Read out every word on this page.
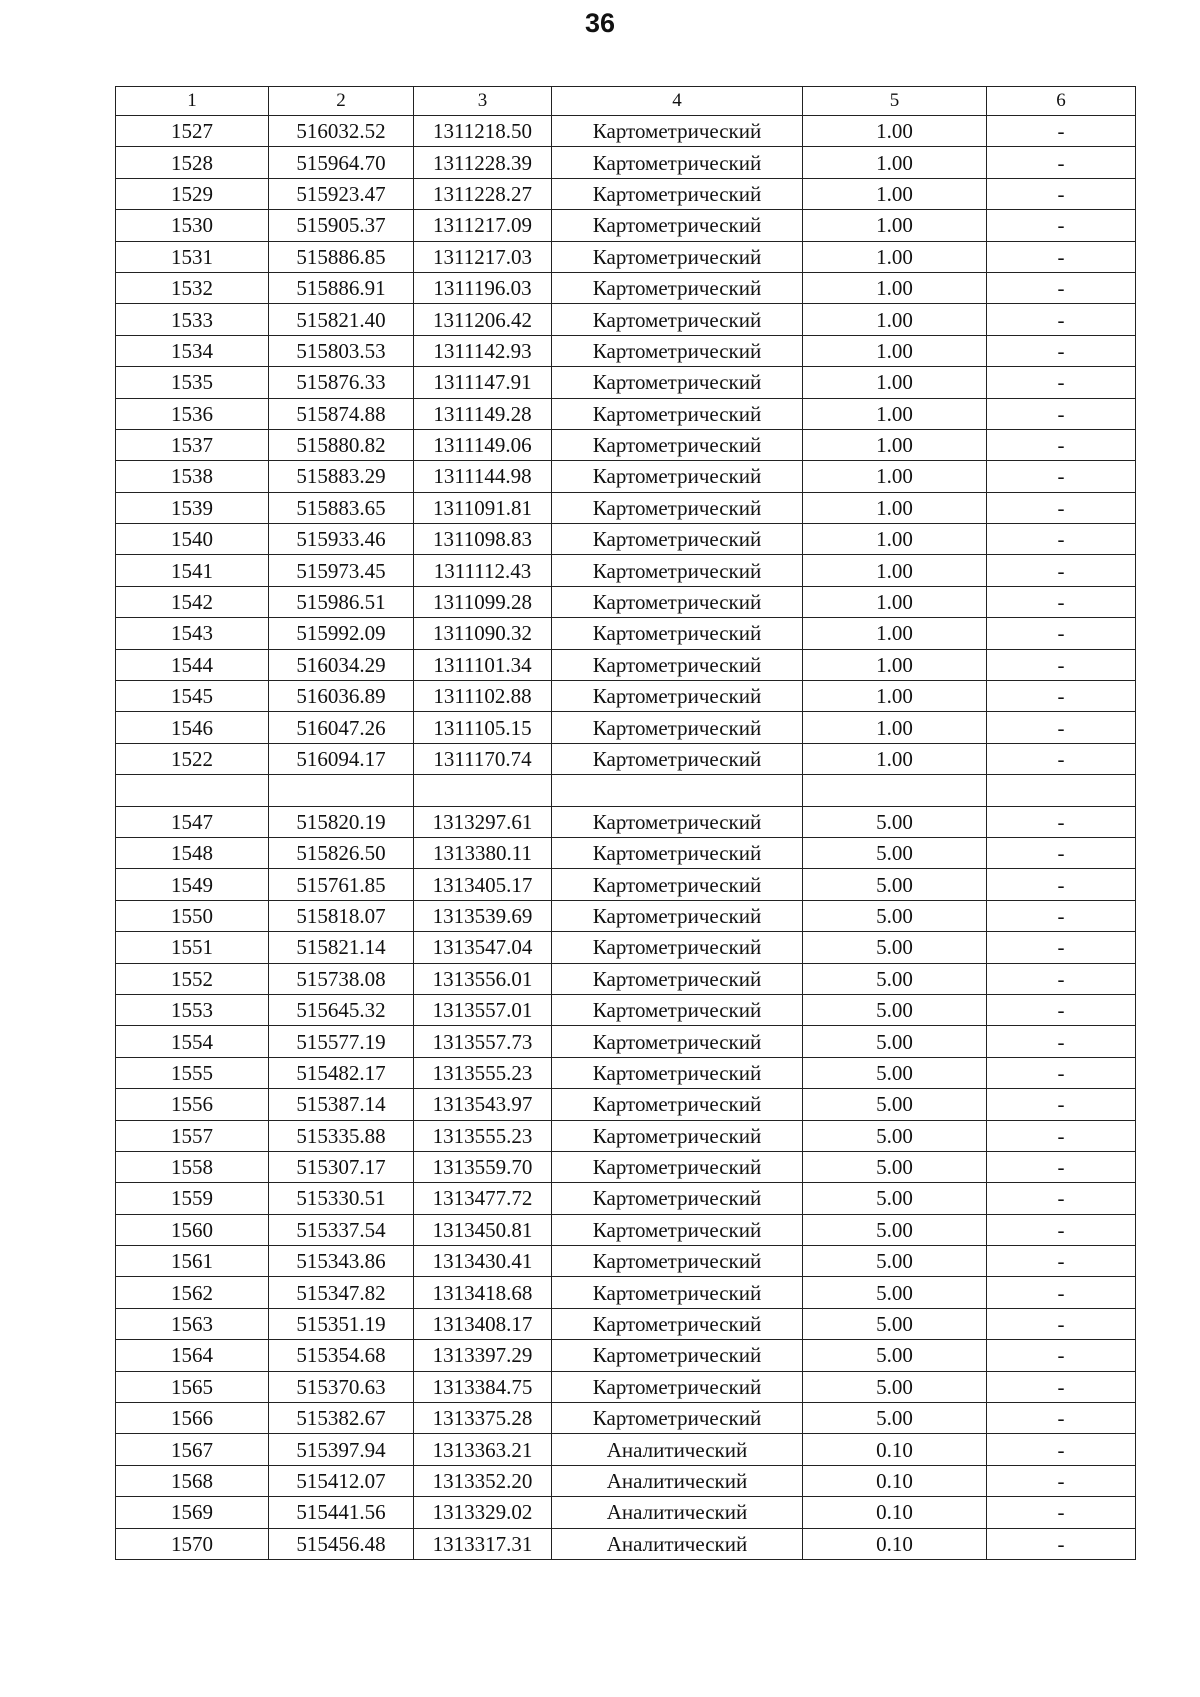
36
1	2	3	4	5	6
1527	516032.52	1311218.50	Картометрический	1.00	-
1528	515964.70	1311228.39	Картометрический	1.00	-
1529	515923.47	1311228.27	Картометрический	1.00	-
1530	515905.37	1311217.09	Картометрический	1.00	-
1531	515886.85	1311217.03	Картометрический	1.00	-
1532	515886.91	1311196.03	Картометрический	1.00	-
1533	515821.40	1311206.42	Картометрический	1.00	-
1534	515803.53	1311142.93	Картометрический	1.00	-
1535	515876.33	1311147.91	Картометрический	1.00	-
1536	515874.88	1311149.28	Картометрический	1.00	-
1537	515880.82	1311149.06	Картометрический	1.00	-
1538	515883.29	1311144.98	Картометрический	1.00	-
1539	515883.65	1311091.81	Картометрический	1.00	-
1540	515933.46	1311098.83	Картометрический	1.00	-
1541	515973.45	1311112.43	Картометрический	1.00	-
1542	515986.51	1311099.28	Картометрический	1.00	-
1543	515992.09	1311090.32	Картометрический	1.00	-
1544	516034.29	1311101.34	Картометрический	1.00	-
1545	516036.89	1311102.88	Картометрический	1.00	-
1546	516047.26	1311105.15	Картометрический	1.00	-
1522	516094.17	1311170.74	Картометрический	1.00	-

1547	515820.19	1313297.61	Картометрический	5.00	-
1548	515826.50	1313380.11	Картометрический	5.00	-
1549	515761.85	1313405.17	Картометрический	5.00	-
1550	515818.07	1313539.69	Картометрический	5.00	-
1551	515821.14	1313547.04	Картометрический	5.00	-
1552	515738.08	1313556.01	Картометрический	5.00	-
1553	515645.32	1313557.01	Картометрический	5.00	-
1554	515577.19	1313557.73	Картометрический	5.00	-
1555	515482.17	1313555.23	Картометрический	5.00	-
1556	515387.14	1313543.97	Картометрический	5.00	-
1557	515335.88	1313555.23	Картометрический	5.00	-
1558	515307.17	1313559.70	Картометрический	5.00	-
1559	515330.51	1313477.72	Картометрический	5.00	-
1560	515337.54	1313450.81	Картометрический	5.00	-
1561	515343.86	1313430.41	Картометрический	5.00	-
1562	515347.82	1313418.68	Картометрический	5.00	-
1563	515351.19	1313408.17	Картометрический	5.00	-
1564	515354.68	1313397.29	Картометрический	5.00	-
1565	515370.63	1313384.75	Картометрический	5.00	-
1566	515382.67	1313375.28	Картометрический	5.00	-
1567	515397.94	1313363.21	Аналитический	0.10	-
1568	515412.07	1313352.20	Аналитический	0.10	-
1569	515441.56	1313329.02	Аналитический	0.10	-
1570	515456.48	1313317.31	Аналитический	0.10	-
